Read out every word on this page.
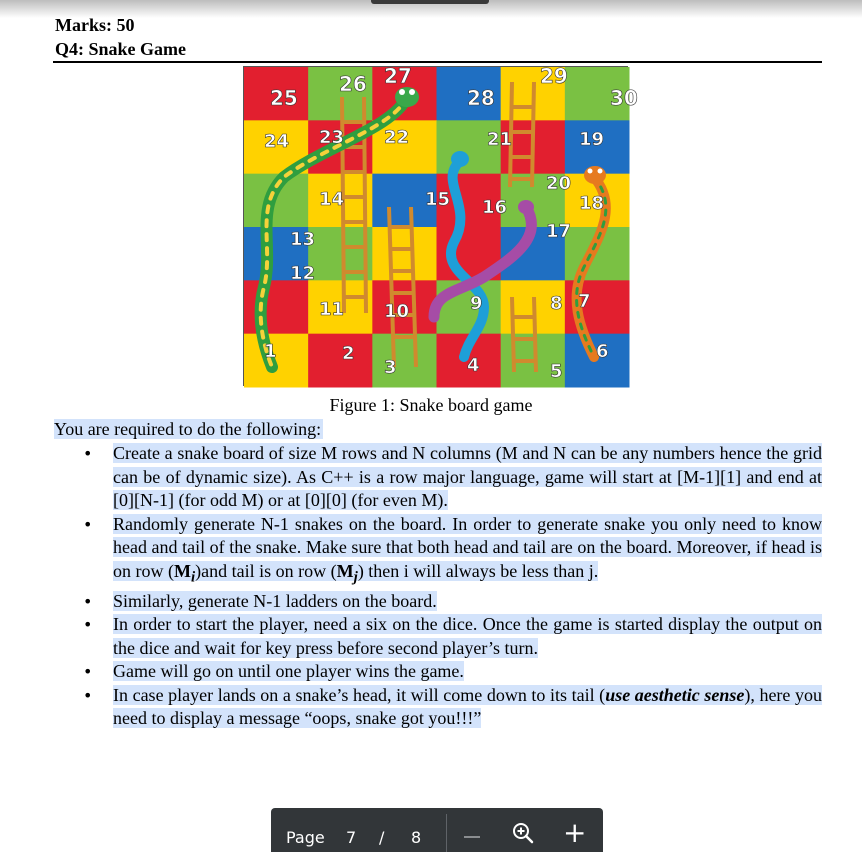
Marks: 50
Q4: Snake Game
25
26 27
28
29
30
24 23 22	21	19
20
14	15 16	18
17
13
12
11 10	9	8 7
1	2
3	4	5
6
Figure 1: Snake board game
You are required to do the following:
• Create a snake board of size M rows and N columns (M and N can be any numbers hence the grid can be of dynamic size). As C++ is a row major language, game will start at [M-1][1] and end at [0][N-1] (for odd M) or at [0][0] (for even M).
• Randomly generate N-1 snakes on the board. In order to generate snake you only need to know head and tail of the snake. Make sure that both head and tail are on the board. Moreover, if head is on row $(M_i)and$ tail is on row $(M_j)$ then i will always be less than j.
• Similarly, generate N-1 ladders on the board.
• In order to start the player, need a six on the dice. Once the game is started display the output on the dice and wait for key press before second player’s turn.
• Game will go on until one player wins the game.
• In case player lands on a snake’s head, it will come down to its tail (use aesthetic sense), here you need to display a message “oops, snake got you!!!”
Page 7 / 8	+
